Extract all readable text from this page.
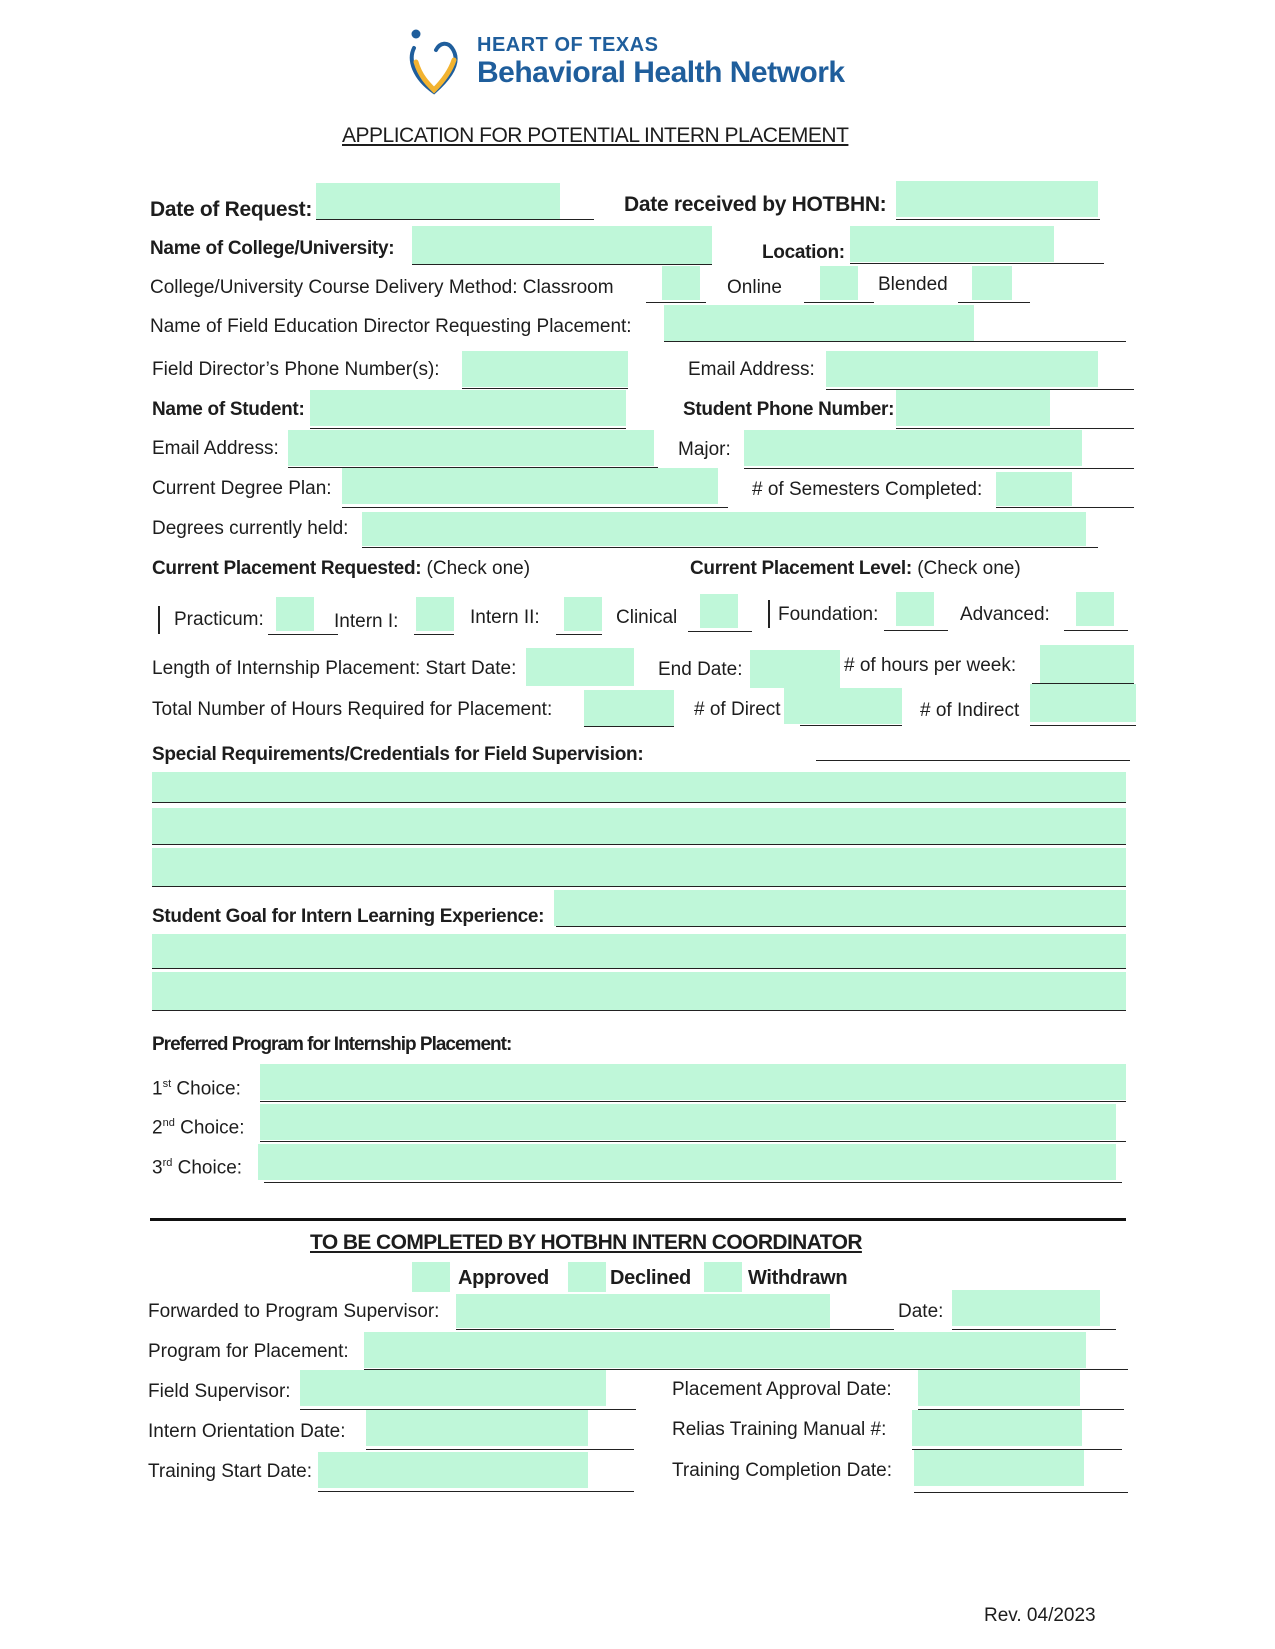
HEART OF TEXAS
Behavioral Health Network
APPLICATION FOR POTENTIAL INTERN PLACEMENT
Date of Request:	Date received by HOTBHN:
Name of College/University:	Location:
College/University Course Delivery Method: Classroom	Online	Blended
Name of Field Education Director Requesting Placement:
Field Director’s Phone Number(s):	Email Address:
Name of Student:	Student Phone Number:
Email Address:	Major:
Current Degree Plan:	# of Semesters Completed:
Degrees currently held:
Current Placement Requested: (Check one)	Current Placement Level: (Check one)
Practicum:	Intern I:	Intern II:	Clinical	Foundation:	Advanced:
Length of Internship Placement: Start Date:	End Date:	# of hours per week:
Total Number of Hours Required for Placement:	# of Direct	# of Indirect
Special Requirements/Credentials for Field Supervision:
Student Goal for Intern Learning Experience:
Preferred Program for Internship Placement:
1st Choice:
2nd Choice:
3rd Choice:
TO BE COMPLETED BY HOTBHN INTERN COORDINATOR
Approved	Declined	Withdrawn
Forwarded to Program Supervisor:	Date:
Program for Placement:
Field Supervisor:	Placement Approval Date:
Intern Orientation Date:	Relias Training Manual #:
Training Start Date:	Training Completion Date:
Rev. 04/2023
